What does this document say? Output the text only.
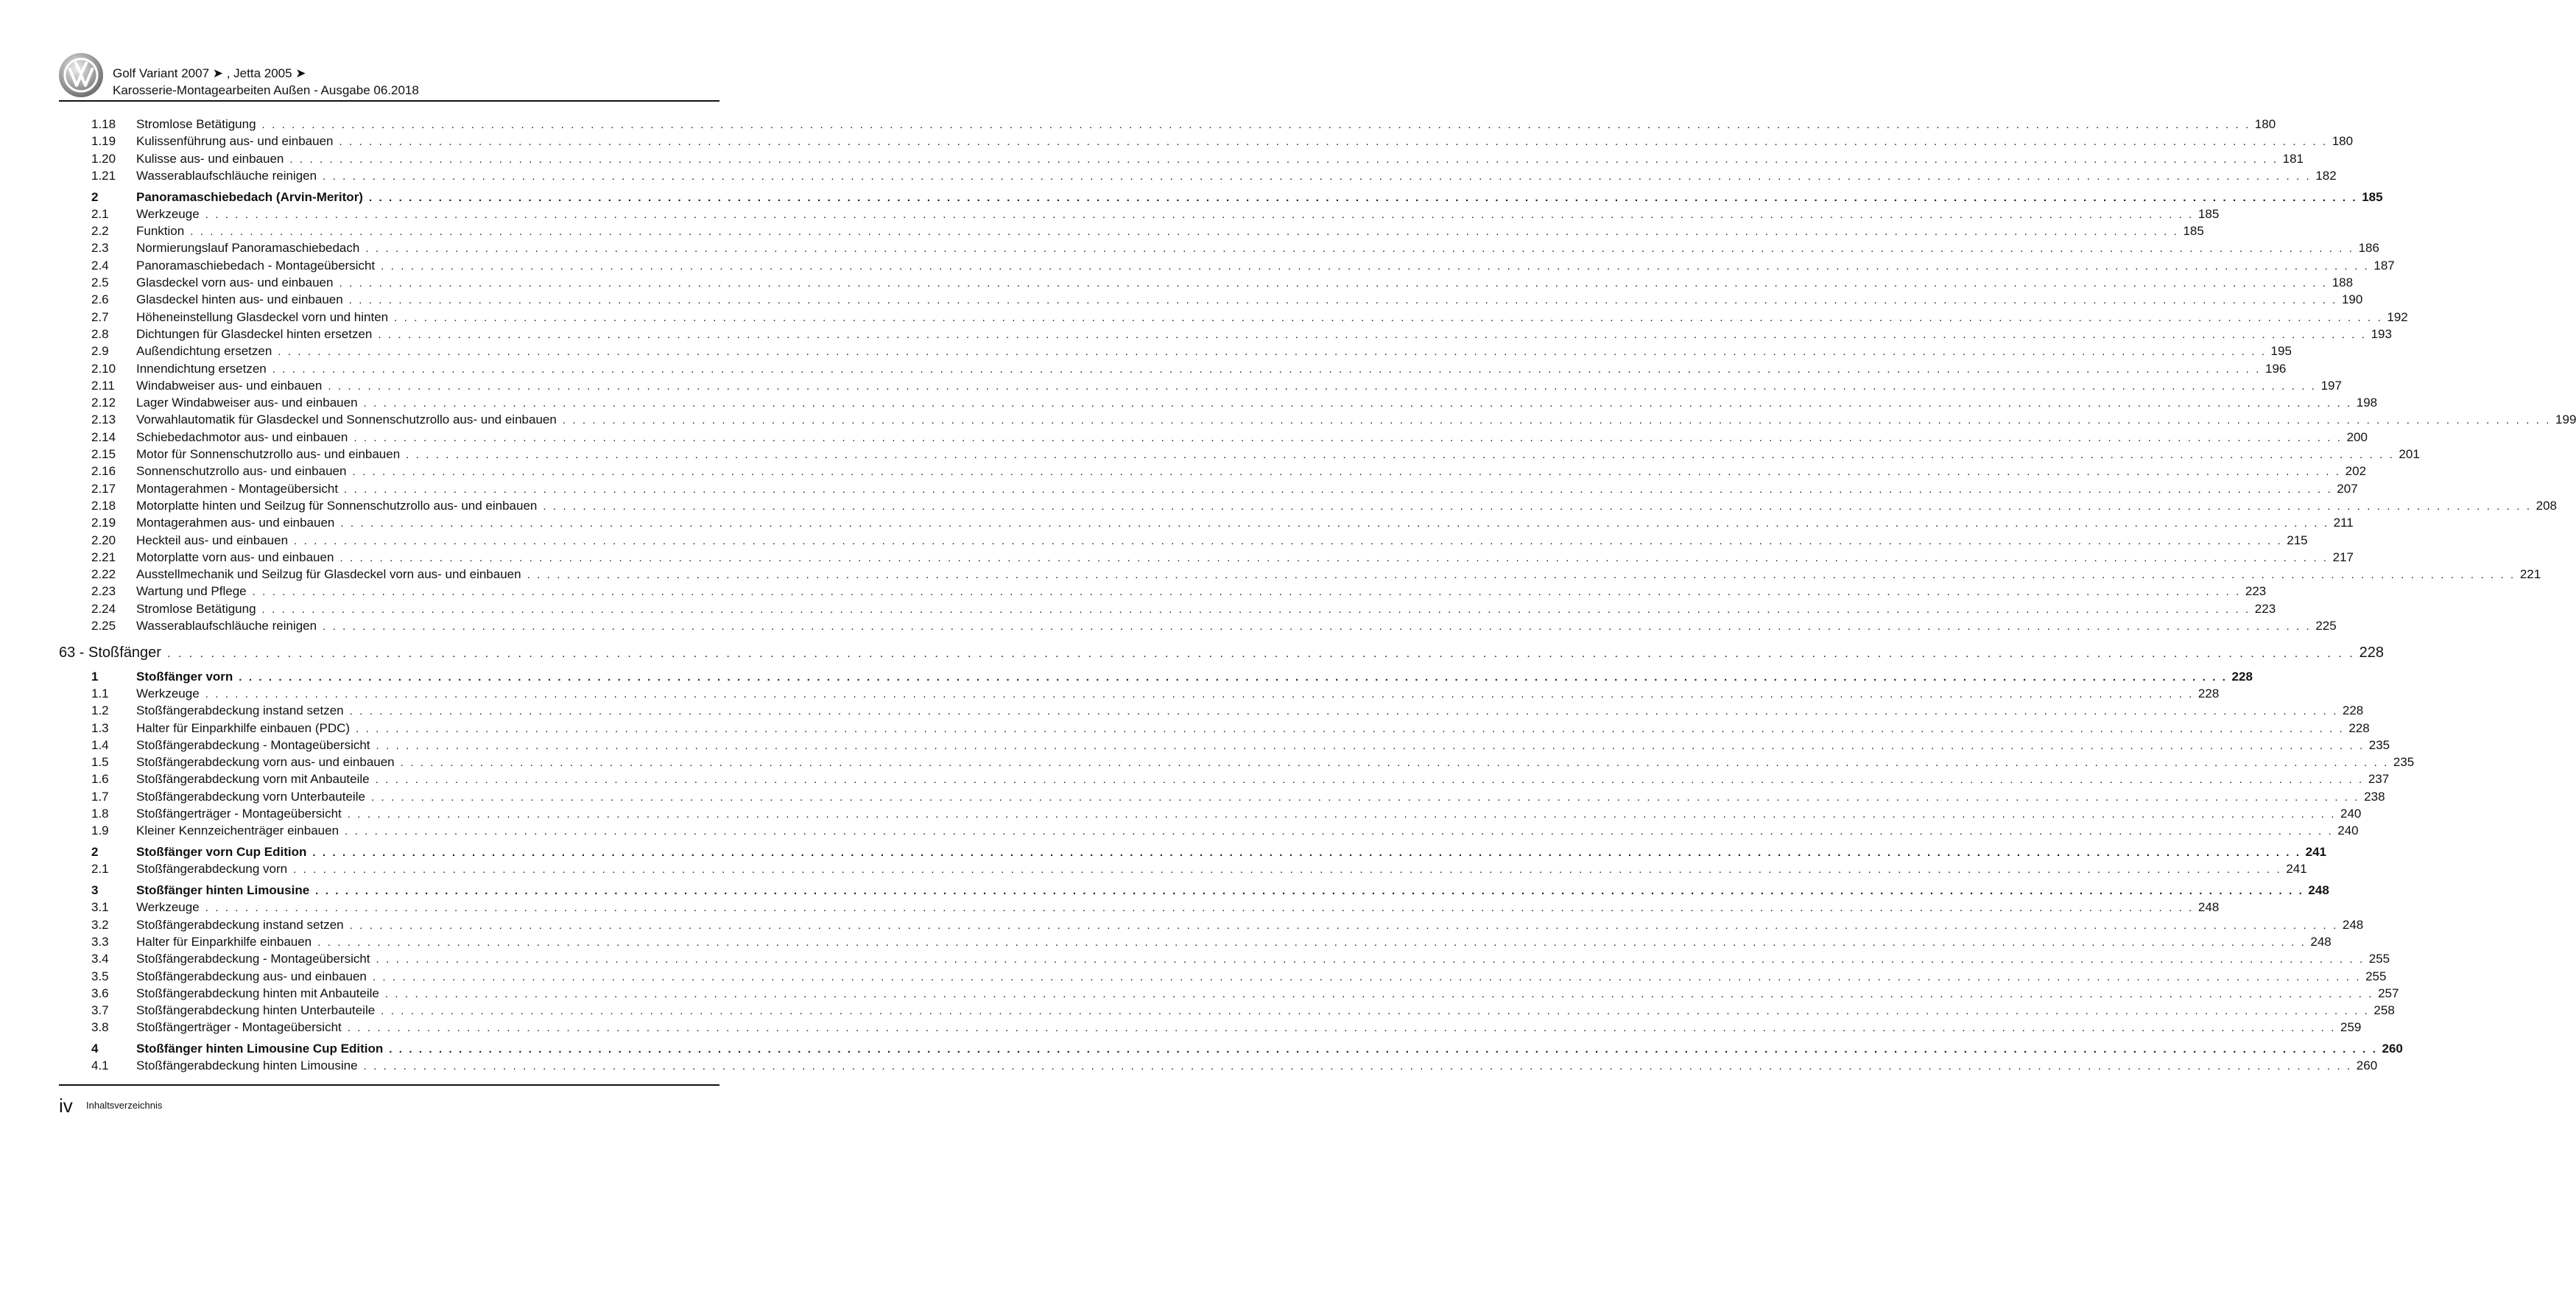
Golf Variant 2007 ➤ , Jetta 2005 ➤
Karosserie-Montagearbeiten Außen - Ausgabe 06.2018
1.18	Stromlose Betätigung . . . . . . . . . . . . . . . . . . . . . . . . . . . . . . . . . . . . . . . . . . . . . . . . . . . . . . . . . . . . . . . . . . . . . . . . . . . . . . . . . . . . . . . . . . . . . . . . . . . . . . . . . . . . . . . . . . . . . . . . . . . . . . . . . . . . . . . . . . . . . . . . . . . . . . . . . . . . . . . . . . . . . . . . . . . . . . . . . . . . . . . . . . . . . . . . . . . . . . . . 180
1.19	Kulissenführung aus- und einbauen . . . . . . . . . . . . . . . . . . . . . . . . . . . . . . . . . . . . . . . . . . . . . . . . . . . . . . . . . . . . . . . . . . . . . . . . . . . . . . . . . . . . . . . . . . . . . . . . . . . . . . . . . . . . . . . . . . . . . . . . . . . . . . . . . . . . . . . . . . . . . . . . . . . . . . . . . . . . . . . . . . . . . . . . . . . . . . . . . . . . . . . . . . . . . . . . . . . . . . . . 180
1.20	Kulisse aus- und einbauen . . . . . . . . . . . . . . . . . . . . . . . . . . . . . . . . . . . . . . . . . . . . . . . . . . . . . . . . . . . . . . . . . . . . . . . . . . . . . . . . . . . . . . . . . . . . . . . . . . . . . . . . . . . . . . . . . . . . . . . . . . . . . . . . . . . . . . . . . . . . . . . . . . . . . . . . . . . . . . . . . . . . . . . . . . . . . . . . . . . . . . . . . . . . . . . . . . . . . . . . 181
1.21	Wasserablaufschläuche reinigen . . . . . . . . . . . . . . . . . . . . . . . . . . . . . . . . . . . . . . . . . . . . . . . . . . . . . . . . . . . . . . . . . . . . . . . . . . . . . . . . . . . . . . . . . . . . . . . . . . . . . . . . . . . . . . . . . . . . . . . . . . . . . . . . . . . . . . . . . . . . . . . . . . . . . . . . . . . . . . . . . . . . . . . . . . . . . . . . . . . . . . . . . . . . . . . . . . . . . . . . 182
2	Panoramaschiebedach (Arvin-Meritor) . . . . . . . . . . . . . . . . . . . . . . . . . . . . . . . . . . . . . . . . . . . . . . . . . . . . . . . . . . . . . . . . . . . . . . . . . . . . . . . . . . . . . . . . . . . . . . . . . . . . . . . . . . . . . . . . . . . . . . . . . . . . . . . . . . . . . . . . . . . . . . . . . . . . . . . . . . . . . . . . . . . . . . . . . . . . . . . . . . . . . . . . . . . . . . . . . . . . . . . . 185
2.1	Werkzeuge . . . . . . . . . . . . . . . . . . . . . . . . . . . . . . . . . . . . . . . . . . . . . . . . . . . . . . . . . . . . . . . . . . . . . . . . . . . . . . . . . . . . . . . . . . . . . . . . . . . . . . . . . . . . . . . . . . . . . . . . . . . . . . . . . . . . . . . . . . . . . . . . . . . . . . . . . . . . . . . . . . . . . . . . . . . . . . . . . . . . . . . . . . . . . . . . . . . . . . . . 185
2.2	Funktion . . . . . . . . . . . . . . . . . . . . . . . . . . . . . . . . . . . . . . . . . . . . . . . . . . . . . . . . . . . . . . . . . . . . . . . . . . . . . . . . . . . . . . . . . . . . . . . . . . . . . . . . . . . . . . . . . . . . . . . . . . . . . . . . . . . . . . . . . . . . . . . . . . . . . . . . . . . . . . . . . . . . . . . . . . . . . . . . . . . . . . . . . . . . . . . . . . . . . . . . 185
2.3	Normierungslauf Panoramaschiebedach . . . . . . . . . . . . . . . . . . . . . . . . . . . . . . . . . . . . . . . . . . . . . . . . . . . . . . . . . . . . . . . . . . . . . . . . . . . . . . . . . . . . . . . . . . . . . . . . . . . . . . . . . . . . . . . . . . . . . . . . . . . . . . . . . . . . . . . . . . . . . . . . . . . . . . . . . . . . . . . . . . . . . . . . . . . . . . . . . . . . . . . . . . . . . . . . . . . . . . . . 186
2.4	Panoramaschiebedach - Montageübersicht . . . . . . . . . . . . . . . . . . . . . . . . . . . . . . . . . . . . . . . . . . . . . . . . . . . . . . . . . . . . . . . . . . . . . . . . . . . . . . . . . . . . . . . . . . . . . . . . . . . . . . . . . . . . . . . . . . . . . . . . . . . . . . . . . . . . . . . . . . . . . . . . . . . . . . . . . . . . . . . . . . . . . . . . . . . . . . . . . . . . . . . . . . . . . . . . . . . . . . . . 187
2.5	Glasdeckel vorn aus- und einbauen . . . . . . . . . . . . . . . . . . . . . . . . . . . . . . . . . . . . . . . . . . . . . . . . . . . . . . . . . . . . . . . . . . . . . . . . . . . . . . . . . . . . . . . . . . . . . . . . . . . . . . . . . . . . . . . . . . . . . . . . . . . . . . . . . . . . . . . . . . . . . . . . . . . . . . . . . . . . . . . . . . . . . . . . . . . . . . . . . . . . . . . . . . . . . . . . . . . . . . . . 188
2.6	Glasdeckel hinten aus- und einbauen . . . . . . . . . . . . . . . . . . . . . . . . . . . . . . . . . . . . . . . . . . . . . . . . . . . . . . . . . . . . . . . . . . . . . . . . . . . . . . . . . . . . . . . . . . . . . . . . . . . . . . . . . . . . . . . . . . . . . . . . . . . . . . . . . . . . . . . . . . . . . . . . . . . . . . . . . . . . . . . . . . . . . . . . . . . . . . . . . . . . . . . . . . . . . . . . . . . . . . . . 190
2.7	Höheneinstellung Glasdeckel vorn und hinten . . . . . . . . . . . . . . . . . . . . . . . . . . . . . . . . . . . . . . . . . . . . . . . . . . . . . . . . . . . . . . . . . . . . . . . . . . . . . . . . . . . . . . . . . . . . . . . . . . . . . . . . . . . . . . . . . . . . . . . . . . . . . . . . . . . . . . . . . . . . . . . . . . . . . . . . . . . . . . . . . . . . . . . . . . . . . . . . . . . . . . . . . . . . . . . . . . . . . . . . 192
2.8	Dichtungen für Glasdeckel hinten ersetzen . . . . . . . . . . . . . . . . . . . . . . . . . . . . . . . . . . . . . . . . . . . . . . . . . . . . . . . . . . . . . . . . . . . . . . . . . . . . . . . . . . . . . . . . . . . . . . . . . . . . . . . . . . . . . . . . . . . . . . . . . . . . . . . . . . . . . . . . . . . . . . . . . . . . . . . . . . . . . . . . . . . . . . . . . . . . . . . . . . . . . . . . . . . . . . . . . . . . . . . . 193
2.9	Außendichtung ersetzen . . . . . . . . . . . . . . . . . . . . . . . . . . . . . . . . . . . . . . . . . . . . . . . . . . . . . . . . . . . . . . . . . . . . . . . . . . . . . . . . . . . . . . . . . . . . . . . . . . . . . . . . . . . . . . . . . . . . . . . . . . . . . . . . . . . . . . . . . . . . . . . . . . . . . . . . . . . . . . . . . . . . . . . . . . . . . . . . . . . . . . . . . . . . . . . . . . . . . . . . 195
2.10	Innendichtung ersetzen . . . . . . . . . . . . . . . . . . . . . . . . . . . . . . . . . . . . . . . . . . . . . . . . . . . . . . . . . . . . . . . . . . . . . . . . . . . . . . . . . . . . . . . . . . . . . . . . . . . . . . . . . . . . . . . . . . . . . . . . . . . . . . . . . . . . . . . . . . . . . . . . . . . . . . . . . . . . . . . . . . . . . . . . . . . . . . . . . . . . . . . . . . . . . . . . . . . . . . . . 196
2.11	Windabweiser aus- und einbauen . . . . . . . . . . . . . . . . . . . . . . . . . . . . . . . . . . . . . . . . . . . . . . . . . . . . . . . . . . . . . . . . . . . . . . . . . . . . . . . . . . . . . . . . . . . . . . . . . . . . . . . . . . . . . . . . . . . . . . . . . . . . . . . . . . . . . . . . . . . . . . . . . . . . . . . . . . . . . . . . . . . . . . . . . . . . . . . . . . . . . . . . . . . . . . . . . . . . . . . . 197
2.12	Lager Windabweiser aus- und einbauen . . . . . . . . . . . . . . . . . . . . . . . . . . . . . . . . . . . . . . . . . . . . . . . . . . . . . . . . . . . . . . . . . . . . . . . . . . . . . . . . . . . . . . . . . . . . . . . . . . . . . . . . . . . . . . . . . . . . . . . . . . . . . . . . . . . . . . . . . . . . . . . . . . . . . . . . . . . . . . . . . . . . . . . . . . . . . . . . . . . . . . . . . . . . . . . . . . . . . . . . 198
2.13	Vorwahlautomatik für Glasdeckel und Sonnenschutzrollo aus- und einbauen . . . . . . . . . . . . . . . . . . . . . . . . . . . . . . . . . . . . . . . . . . . . . . . . . . . . . . . . . . . . . . . . . . . . . . . . . . . . . . . . . . . . . . . . . . . . . . . . . . . . . . . . . . . . . . . . . . . . . . . . . . . . . . . . . . . . . . . . . . . . . . . . . . . . . . . . . . . . . . . . . . . . . . . . . . . . . . . . . . . . . . . . . . . . . . . . . . . . . . . . 199
2.14	Schiebedachmotor aus- und einbauen . . . . . . . . . . . . . . . . . . . . . . . . . . . . . . . . . . . . . . . . . . . . . . . . . . . . . . . . . . . . . . . . . . . . . . . . . . . . . . . . . . . . . . . . . . . . . . . . . . . . . . . . . . . . . . . . . . . . . . . . . . . . . . . . . . . . . . . . . . . . . . . . . . . . . . . . . . . . . . . . . . . . . . . . . . . . . . . . . . . . . . . . . . . . . . . . . . . . . . . . 200
2.15	Motor für Sonnenschutzrollo aus- und einbauen . . . . . . . . . . . . . . . . . . . . . . . . . . . . . . . . . . . . . . . . . . . . . . . . . . . . . . . . . . . . . . . . . . . . . . . . . . . . . . . . . . . . . . . . . . . . . . . . . . . . . . . . . . . . . . . . . . . . . . . . . . . . . . . . . . . . . . . . . . . . . . . . . . . . . . . . . . . . . . . . . . . . . . . . . . . . . . . . . . . . . . . . . . . . . . . . . . . . . . . . 201
2.16	Sonnenschutzrollo aus- und einbauen . . . . . . . . . . . . . . . . . . . . . . . . . . . . . . . . . . . . . . . . . . . . . . . . . . . . . . . . . . . . . . . . . . . . . . . . . . . . . . . . . . . . . . . . . . . . . . . . . . . . . . . . . . . . . . . . . . . . . . . . . . . . . . . . . . . . . . . . . . . . . . . . . . . . . . . . . . . . . . . . . . . . . . . . . . . . . . . . . . . . . . . . . . . . . . . . . . . . . . . . 202
2.17	Montagerahmen - Montageübersicht . . . . . . . . . . . . . . . . . . . . . . . . . . . . . . . . . . . . . . . . . . . . . . . . . . . . . . . . . . . . . . . . . . . . . . . . . . . . . . . . . . . . . . . . . . . . . . . . . . . . . . . . . . . . . . . . . . . . . . . . . . . . . . . . . . . . . . . . . . . . . . . . . . . . . . . . . . . . . . . . . . . . . . . . . . . . . . . . . . . . . . . . . . . . . . . . . . . . . . . . 207
2.18	Motorplatte hinten und Seilzug für Sonnenschutzrollo aus- und einbauen . . . . . . . . . . . . . . . . . . . . . . . . . . . . . . . . . . . . . . . . . . . . . . . . . . . . . . . . . . . . . . . . . . . . . . . . . . . . . . . . . . . . . . . . . . . . . . . . . . . . . . . . . . . . . . . . . . . . . . . . . . . . . . . . . . . . . . . . . . . . . . . . . . . . . . . . . . . . . . . . . . . . . . . . . . . . . . . . . . . . . . . . . . . . . . . . . . . . . . . . 208
2.19	Montagerahmen aus- und einbauen . . . . . . . . . . . . . . . . . . . . . . . . . . . . . . . . . . . . . . . . . . . . . . . . . . . . . . . . . . . . . . . . . . . . . . . . . . . . . . . . . . . . . . . . . . . . . . . . . . . . . . . . . . . . . . . . . . . . . . . . . . . . . . . . . . . . . . . . . . . . . . . . . . . . . . . . . . . . . . . . . . . . . . . . . . . . . . . . . . . . . . . . . . . . . . . . . . . . . . . . 211
2.20	Heckteil aus- und einbauen . . . . . . . . . . . . . . . . . . . . . . . . . . . . . . . . . . . . . . . . . . . . . . . . . . . . . . . . . . . . . . . . . . . . . . . . . . . . . . . . . . . . . . . . . . . . . . . . . . . . . . . . . . . . . . . . . . . . . . . . . . . . . . . . . . . . . . . . . . . . . . . . . . . . . . . . . . . . . . . . . . . . . . . . . . . . . . . . . . . . . . . . . . . . . . . . . . . . . . . . 215
2.21	Motorplatte vorn aus- und einbauen . . . . . . . . . . . . . . . . . . . . . . . . . . . . . . . . . . . . . . . . . . . . . . . . . . . . . . . . . . . . . . . . . . . . . . . . . . . . . . . . . . . . . . . . . . . . . . . . . . . . . . . . . . . . . . . . . . . . . . . . . . . . . . . . . . . . . . . . . . . . . . . . . . . . . . . . . . . . . . . . . . . . . . . . . . . . . . . . . . . . . . . . . . . . . . . . . . . . . . . . 217
2.22	Ausstellmechanik und Seilzug für Glasdeckel vorn aus- und einbauen . . . . . . . . . . . . . . . . . . . . . . . . . . . . . . . . . . . . . . . . . . . . . . . . . . . . . . . . . . . . . . . . . . . . . . . . . . . . . . . . . . . . . . . . . . . . . . . . . . . . . . . . . . . . . . . . . . . . . . . . . . . . . . . . . . . . . . . . . . . . . . . . . . . . . . . . . . . . . . . . . . . . . . . . . . . . . . . . . . . . . . . . . . . . . . . . . . . . . . . . 221
2.23	Wartung und Pflege . . . . . . . . . . . . . . . . . . . . . . . . . . . . . . . . . . . . . . . . . . . . . . . . . . . . . . . . . . . . . . . . . . . . . . . . . . . . . . . . . . . . . . . . . . . . . . . . . . . . . . . . . . . . . . . . . . . . . . . . . . . . . . . . . . . . . . . . . . . . . . . . . . . . . . . . . . . . . . . . . . . . . . . . . . . . . . . . . . . . . . . . . . . . . . . . . . . . . . . . 223
2.24	Stromlose Betätigung . . . . . . . . . . . . . . . . . . . . . . . . . . . . . . . . . . . . . . . . . . . . . . . . . . . . . . . . . . . . . . . . . . . . . . . . . . . . . . . . . . . . . . . . . . . . . . . . . . . . . . . . . . . . . . . . . . . . . . . . . . . . . . . . . . . . . . . . . . . . . . . . . . . . . . . . . . . . . . . . . . . . . . . . . . . . . . . . . . . . . . . . . . . . . . . . . . . . . . . . 223
2.25	Wasserablaufschläuche reinigen . . . . . . . . . . . . . . . . . . . . . . . . . . . . . . . . . . . . . . . . . . . . . . . . . . . . . . . . . . . . . . . . . . . . . . . . . . . . . . . . . . . . . . . . . . . . . . . . . . . . . . . . . . . . . . . . . . . . . . . . . . . . . . . . . . . . . . . . . . . . . . . . . . . . . . . . . . . . . . . . . . . . . . . . . . . . . . . . . . . . . . . . . . . . . . . . . . . . . . . . 225
63 - Stoßfänger . . . . . . . . . . . . . . . . . . . . . . . . . . . . . . . . . . . . . . . . . . . . . . . . . . . . . . . . . . . . . . . . . . . . . . . . . . . . . . . . . . . . . . . . . . . . . . . . . . . . . . . . . . . . . . . . . . . . . . . . . . . . . . . . . . . . . . . . . . . . . . . . . . . . . . . . . . . . . . . . . . . . . . . . . . . . . . . . . . . . . . . . . . . . . . . . . . . . . . . . 228
1	Stoßfänger vorn . . . . . . . . . . . . . . . . . . . . . . . . . . . . . . . . . . . . . . . . . . . . . . . . . . . . . . . . . . . . . . . . . . . . . . . . . . . . . . . . . . . . . . . . . . . . . . . . . . . . . . . . . . . . . . . . . . . . . . . . . . . . . . . . . . . . . . . . . . . . . . . . . . . . . . . . . . . . . . . . . . . . . . . . . . . . . . . . . . . . . . . . . . . . . . . . . . . . . . . . 228
1.1	Werkzeuge . . . . . . . . . . . . . . . . . . . . . . . . . . . . . . . . . . . . . . . . . . . . . . . . . . . . . . . . . . . . . . . . . . . . . . . . . . . . . . . . . . . . . . . . . . . . . . . . . . . . . . . . . . . . . . . . . . . . . . . . . . . . . . . . . . . . . . . . . . . . . . . . . . . . . . . . . . . . . . . . . . . . . . . . . . . . . . . . . . . . . . . . . . . . . . . . . . . . . . . . 228
1.2	Stoßfängerabdeckung instand setzen . . . . . . . . . . . . . . . . . . . . . . . . . . . . . . . . . . . . . . . . . . . . . . . . . . . . . . . . . . . . . . . . . . . . . . . . . . . . . . . . . . . . . . . . . . . . . . . . . . . . . . . . . . . . . . . . . . . . . . . . . . . . . . . . . . . . . . . . . . . . . . . . . . . . . . . . . . . . . . . . . . . . . . . . . . . . . . . . . . . . . . . . . . . . . . . . . . . . . . . . 228
1.3	Halter für Einparkhilfe einbauen (PDC) . . . . . . . . . . . . . . . . . . . . . . . . . . . . . . . . . . . . . . . . . . . . . . . . . . . . . . . . . . . . . . . . . . . . . . . . . . . . . . . . . . . . . . . . . . . . . . . . . . . . . . . . . . . . . . . . . . . . . . . . . . . . . . . . . . . . . . . . . . . . . . . . . . . . . . . . . . . . . . . . . . . . . . . . . . . . . . . . . . . . . . . . . . . . . . . . . . . . . . . . 228
1.4	Stoßfängerabdeckung - Montageübersicht . . . . . . . . . . . . . . . . . . . . . . . . . . . . . . . . . . . . . . . . . . . . . . . . . . . . . . . . . . . . . . . . . . . . . . . . . . . . . . . . . . . . . . . . . . . . . . . . . . . . . . . . . . . . . . . . . . . . . . . . . . . . . . . . . . . . . . . . . . . . . . . . . . . . . . . . . . . . . . . . . . . . . . . . . . . . . . . . . . . . . . . . . . . . . . . . . . . . . . . . 235
1.5	Stoßfängerabdeckung vorn aus- und einbauen . . . . . . . . . . . . . . . . . . . . . . . . . . . . . . . . . . . . . . . . . . . . . . . . . . . . . . . . . . . . . . . . . . . . . . . . . . . . . . . . . . . . . . . . . . . . . . . . . . . . . . . . . . . . . . . . . . . . . . . . . . . . . . . . . . . . . . . . . . . . . . . . . . . . . . . . . . . . . . . . . . . . . . . . . . . . . . . . . . . . . . . . . . . . . . . . . . . . . . . . 235
1.6	Stoßfängerabdeckung vorn mit Anbauteile . . . . . . . . . . . . . . . . . . . . . . . . . . . . . . . . . . . . . . . . . . . . . . . . . . . . . . . . . . . . . . . . . . . . . . . . . . . . . . . . . . . . . . . . . . . . . . . . . . . . . . . . . . . . . . . . . . . . . . . . . . . . . . . . . . . . . . . . . . . . . . . . . . . . . . . . . . . . . . . . . . . . . . . . . . . . . . . . . . . . . . . . . . . . . . . . . . . . . . . . 237
1.7	Stoßfängerabdeckung vorn Unterbauteile . . . . . . . . . . . . . . . . . . . . . . . . . . . . . . . . . . . . . . . . . . . . . . . . . . . . . . . . . . . . . . . . . . . . . . . . . . . . . . . . . . . . . . . . . . . . . . . . . . . . . . . . . . . . . . . . . . . . . . . . . . . . . . . . . . . . . . . . . . . . . . . . . . . . . . . . . . . . . . . . . . . . . . . . . . . . . . . . . . . . . . . . . . . . . . . . . . . . . . . . 238
1.8	Stoßfängerträger - Montageübersicht . . . . . . . . . . . . . . . . . . . . . . . . . . . . . . . . . . . . . . . . . . . . . . . . . . . . . . . . . . . . . . . . . . . . . . . . . . . . . . . . . . . . . . . . . . . . . . . . . . . . . . . . . . . . . . . . . . . . . . . . . . . . . . . . . . . . . . . . . . . . . . . . . . . . . . . . . . . . . . . . . . . . . . . . . . . . . . . . . . . . . . . . . . . . . . . . . . . . . . . . 240
1.9	Kleiner Kennzeichenträger einbauen . . . . . . . . . . . . . . . . . . . . . . . . . . . . . . . . . . . . . . . . . . . . . . . . . . . . . . . . . . . . . . . . . . . . . . . . . . . . . . . . . . . . . . . . . . . . . . . . . . . . . . . . . . . . . . . . . . . . . . . . . . . . . . . . . . . . . . . . . . . . . . . . . . . . . . . . . . . . . . . . . . . . . . . . . . . . . . . . . . . . . . . . . . . . . . . . . . . . . . . . 240
2	Stoßfänger vorn Cup Edition . . . . . . . . . . . . . . . . . . . . . . . . . . . . . . . . . . . . . . . . . . . . . . . . . . . . . . . . . . . . . . . . . . . . . . . . . . . . . . . . . . . . . . . . . . . . . . . . . . . . . . . . . . . . . . . . . . . . . . . . . . . . . . . . . . . . . . . . . . . . . . . . . . . . . . . . . . . . . . . . . . . . . . . . . . . . . . . . . . . . . . . . . . . . . . . . . . . . . . . . 241
2.1	Stoßfängerabdeckung vorn . . . . . . . . . . . . . . . . . . . . . . . . . . . . . . . . . . . . . . . . . . . . . . . . . . . . . . . . . . . . . . . . . . . . . . . . . . . . . . . . . . . . . . . . . . . . . . . . . . . . . . . . . . . . . . . . . . . . . . . . . . . . . . . . . . . . . . . . . . . . . . . . . . . . . . . . . . . . . . . . . . . . . . . . . . . . . . . . . . . . . . . . . . . . . . . . . . . . . . . . 241
3	Stoßfänger hinten Limousine . . . . . . . . . . . . . . . . . . . . . . . . . . . . . . . . . . . . . . . . . . . . . . . . . . . . . . . . . . . . . . . . . . . . . . . . . . . . . . . . . . . . . . . . . . . . . . . . . . . . . . . . . . . . . . . . . . . . . . . . . . . . . . . . . . . . . . . . . . . . . . . . . . . . . . . . . . . . . . . . . . . . . . . . . . . . . . . . . . . . . . . . . . . . . . . . . . . . . . . . 248
3.1	Werkzeuge . . . . . . . . . . . . . . . . . . . . . . . . . . . . . . . . . . . . . . . . . . . . . . . . . . . . . . . . . . . . . . . . . . . . . . . . . . . . . . . . . . . . . . . . . . . . . . . . . . . . . . . . . . . . . . . . . . . . . . . . . . . . . . . . . . . . . . . . . . . . . . . . . . . . . . . . . . . . . . . . . . . . . . . . . . . . . . . . . . . . . . . . . . . . . . . . . . . . . . . . 248
3.2	Stoßfängerabdeckung instand setzen . . . . . . . . . . . . . . . . . . . . . . . . . . . . . . . . . . . . . . . . . . . . . . . . . . . . . . . . . . . . . . . . . . . . . . . . . . . . . . . . . . . . . . . . . . . . . . . . . . . . . . . . . . . . . . . . . . . . . . . . . . . . . . . . . . . . . . . . . . . . . . . . . . . . . . . . . . . . . . . . . . . . . . . . . . . . . . . . . . . . . . . . . . . . . . . . . . . . . . . . 248
3.3	Halter für Einparkhilfe einbauen . . . . . . . . . . . . . . . . . . . . . . . . . . . . . . . . . . . . . . . . . . . . . . . . . . . . . . . . . . . . . . . . . . . . . . . . . . . . . . . . . . . . . . . . . . . . . . . . . . . . . . . . . . . . . . . . . . . . . . . . . . . . . . . . . . . . . . . . . . . . . . . . . . . . . . . . . . . . . . . . . . . . . . . . . . . . . . . . . . . . . . . . . . . . . . . . . . . . . . . . 248
3.4	Stoßfängerabdeckung - Montageübersicht . . . . . . . . . . . . . . . . . . . . . . . . . . . . . . . . . . . . . . . . . . . . . . . . . . . . . . . . . . . . . . . . . . . . . . . . . . . . . . . . . . . . . . . . . . . . . . . . . . . . . . . . . . . . . . . . . . . . . . . . . . . . . . . . . . . . . . . . . . . . . . . . . . . . . . . . . . . . . . . . . . . . . . . . . . . . . . . . . . . . . . . . . . . . . . . . . . . . . . . . 255
3.5	Stoßfängerabdeckung aus- und einbauen . . . . . . . . . . . . . . . . . . . . . . . . . . . . . . . . . . . . . . . . . . . . . . . . . . . . . . . . . . . . . . . . . . . . . . . . . . . . . . . . . . . . . . . . . . . . . . . . . . . . . . . . . . . . . . . . . . . . . . . . . . . . . . . . . . . . . . . . . . . . . . . . . . . . . . . . . . . . . . . . . . . . . . . . . . . . . . . . . . . . . . . . . . . . . . . . . . . . . . . . 255
3.6	Stoßfängerabdeckung hinten mit Anbauteile . . . . . . . . . . . . . . . . . . . . . . . . . . . . . . . . . . . . . . . . . . . . . . . . . . . . . . . . . . . . . . . . . . . . . . . . . . . . . . . . . . . . . . . . . . . . . . . . . . . . . . . . . . . . . . . . . . . . . . . . . . . . . . . . . . . . . . . . . . . . . . . . . . . . . . . . . . . . . . . . . . . . . . . . . . . . . . . . . . . . . . . . . . . . . . . . . . . . . . . . 257
3.7	Stoßfängerabdeckung hinten Unterbauteile . . . . . . . . . . . . . . . . . . . . . . . . . . . . . . . . . . . . . . . . . . . . . . . . . . . . . . . . . . . . . . . . . . . . . . . . . . . . . . . . . . . . . . . . . . . . . . . . . . . . . . . . . . . . . . . . . . . . . . . . . . . . . . . . . . . . . . . . . . . . . . . . . . . . . . . . . . . . . . . . . . . . . . . . . . . . . . . . . . . . . . . . . . . . . . . . . . . . . . . . 258
3.8	Stoßfängerträger - Montageübersicht . . . . . . . . . . . . . . . . . . . . . . . . . . . . . . . . . . . . . . . . . . . . . . . . . . . . . . . . . . . . . . . . . . . . . . . . . . . . . . . . . . . . . . . . . . . . . . . . . . . . . . . . . . . . . . . . . . . . . . . . . . . . . . . . . . . . . . . . . . . . . . . . . . . . . . . . . . . . . . . . . . . . . . . . . . . . . . . . . . . . . . . . . . . . . . . . . . . . . . . . 259
4	Stoßfänger hinten Limousine Cup Edition . . . . . . . . . . . . . . . . . . . . . . . . . . . . . . . . . . . . . . . . . . . . . . . . . . . . . . . . . . . . . . . . . . . . . . . . . . . . . . . . . . . . . . . . . . . . . . . . . . . . . . . . . . . . . . . . . . . . . . . . . . . . . . . . . . . . . . . . . . . . . . . . . . . . . . . . . . . . . . . . . . . . . . . . . . . . . . . . . . . . . . . . . . . . . . . . . . . . . . . . 260
4.1	Stoßfängerabdeckung hinten Limousine . . . . . . . . . . . . . . . . . . . . . . . . . . . . . . . . . . . . . . . . . . . . . . . . . . . . . . . . . . . . . . . . . . . . . . . . . . . . . . . . . . . . . . . . . . . . . . . . . . . . . . . . . . . . . . . . . . . . . . . . . . . . . . . . . . . . . . . . . . . . . . . . . . . . . . . . . . . . . . . . . . . . . . . . . . . . . . . . . . . . . . . . . . . . . . . . . . . . . . . . 260
iv Inhaltsverzeichnis
